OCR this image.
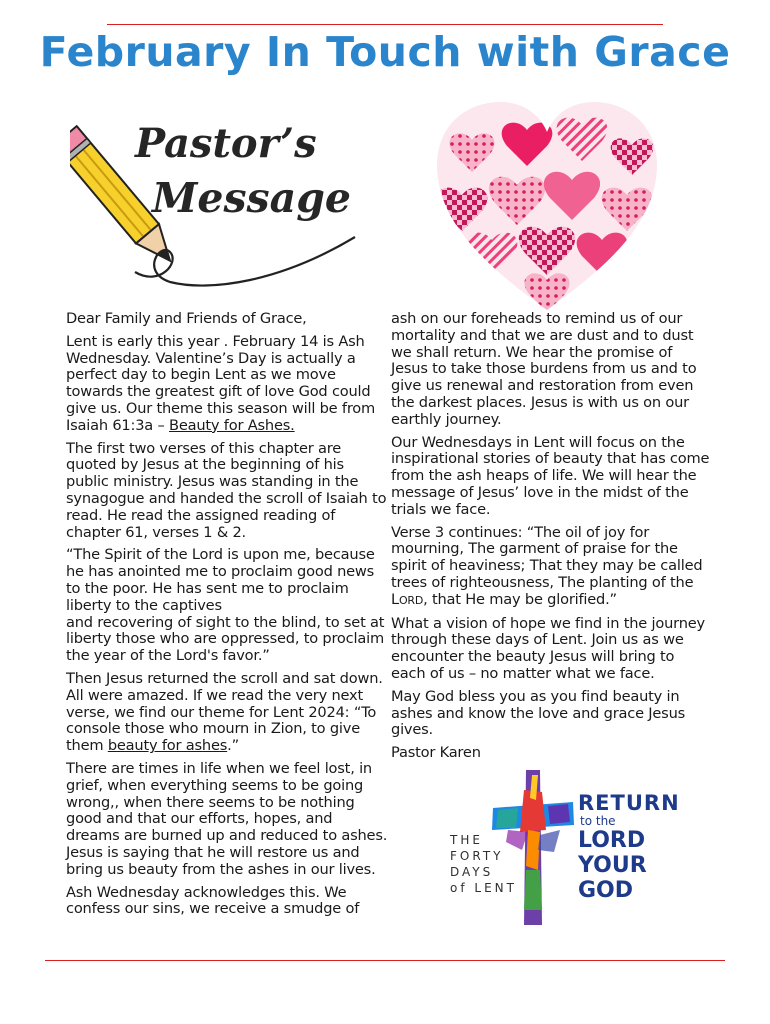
February In Touch with Grace
Pastor’s
Message

Dear Family and Friends of Grace,

Lent is early this year . February 14 is Ash Wednesday. Valentine’s Day is actually a perfect day to begin Lent as we move towards the greatest gift of love God could give us. Our theme this season will be from Isaiah 61:3a – Beauty for Ashes.

The first two verses of this chapter are quoted by Jesus at the beginning of his public ministry. Jesus was standing in the synagogue and handed the scroll of Isaiah to read. He read the assigned reading of chapter 61, verses 1 & 2.

“The Spirit of the Lord is upon me, because he has anointed me to proclaim good news to the poor. He has sent me to proclaim liberty to the captives
and recovering of sight to the blind, to set at liberty those who are oppressed, to proclaim the year of the Lord's favor.”

Then Jesus returned the scroll and sat down. All were amazed. If we read the very next verse, we find our theme for Lent 2024: “To console those who mourn in Zion, to give them beauty for ashes.”

There are times in life when we feel lost, in grief, when everything seems to be going wrong,, when there seems to be nothing good and that our efforts, hopes, and dreams are burned up and reduced to ashes. Jesus is saying that he will restore us and bring us beauty from the ashes in our lives.

Ash Wednesday acknowledges this. We confess our sins, we receive a smudge of

ash on our foreheads to remind us of our mortality and that we are dust and to dust we shall return. We hear the promise of Jesus to take those burdens from us and to give us renewal and restoration from even the darkest places. Jesus is with us on our earthly journey.

Our Wednesdays in Lent will focus on the inspirational stories of beauty that has come from the ash heaps of life. We will hear the message of Jesus’ love in the midst of the trials we face.

Verse 3 continues: “The oil of joy for mourning, The garment of praise for the spirit of heaviness; That they may be called trees of righteousness, The planting of the LORD, that He may be glorified.”

What a vision of hope we find in the journey through these days of Lent. Join us as we encounter the beauty Jesus will bring to each of us – no matter what we face.

May God bless you as you find beauty in ashes and know the love and grace Jesus gives.

Pastor Karen

THE
FORTY
DAYS
of LENT
RETURN
to the
LORD
YOUR
GOD
